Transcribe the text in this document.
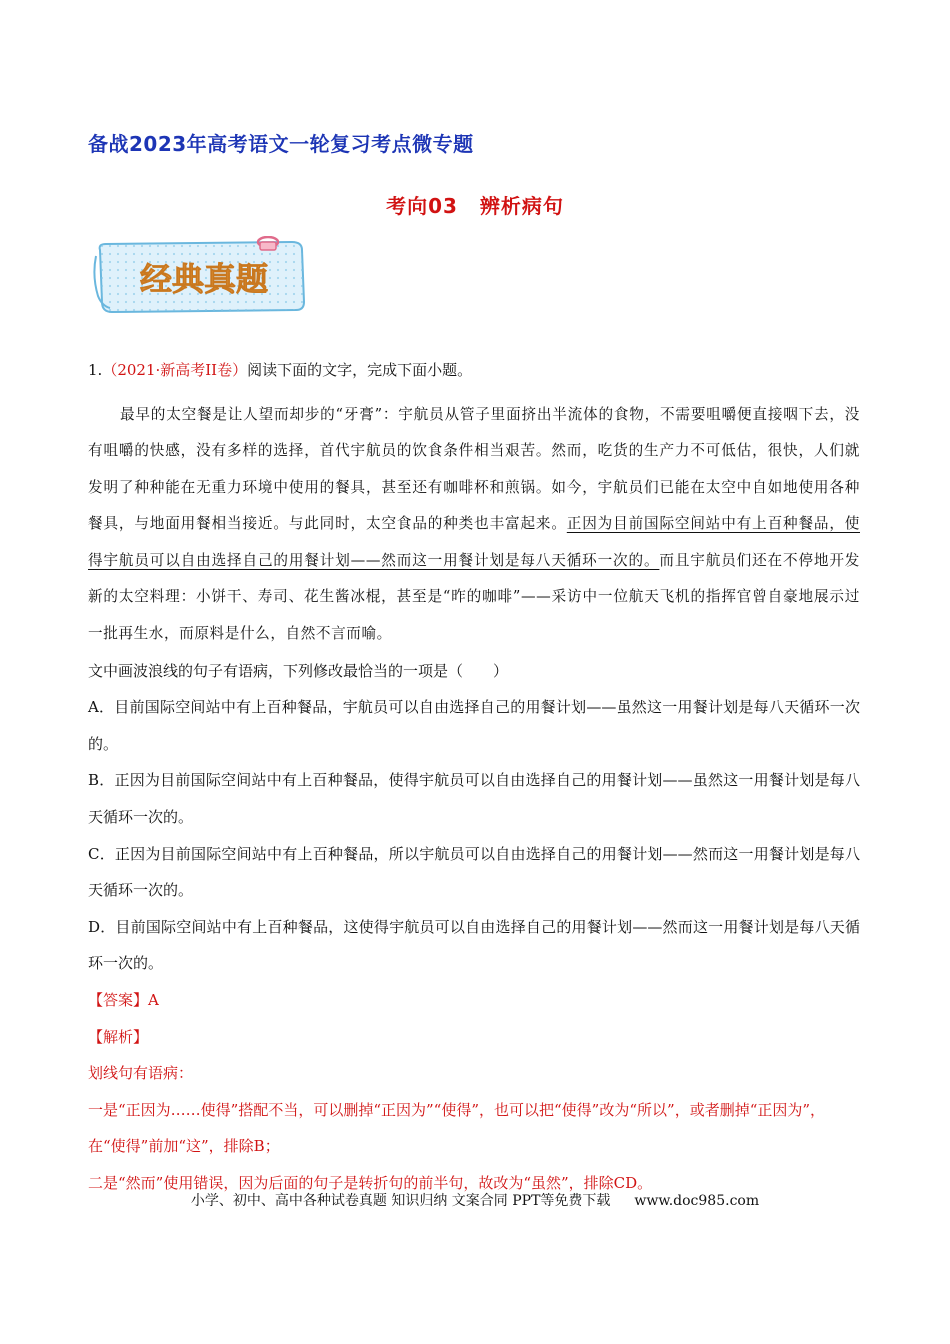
备战2023年高考语文一轮复习考点微专题
考向03 辨析病句
经典真题

1.（2021·新高考II卷）阅读下面的文字，完成下面小题。

最早的太空餐是让人望而却步的“牙膏”：宇航员从管子里面挤出半流体的食物，不需要咀嚼便直接咽下去，没有咀嚼的快感，没有多样的选择，首代宇航员的饮食条件相当艰苦。然而，吃货的生产力不可低估，很快，人们就发明了种种能在无重力环境中使用的餐具，甚至还有咖啡杯和煎锅。如今，宇航员们已能在太空中自如地使用各种餐具，与地面用餐相当接近。与此同时，太空食品的种类也丰富起来。正因为目前国际空间站中有上百种餐品，使得宇航员可以自由选择自己的用餐计划——然而这一用餐计划是每八天循环一次的。而且宇航员们还在不停地开发新的太空料理：小饼干、寿司、花生酱冰棍，甚至是“昨的咖啡”——采访中一位航天飞机的指挥官曾自豪地展示过一批再生水，而原料是什么，自然不言而喻。

文中画波浪线的句子有语病，下列修改最恰当的一项是（　　）

A．目前国际空间站中有上百种餐品，宇航员可以自由选择自己的用餐计划——虽然这一用餐计划是每八天循环一次的。

B．正因为目前国际空间站中有上百种餐品，使得宇航员可以自由选择自己的用餐计划——虽然这一用餐计划是每八天循环一次的。

C．正因为目前国际空间站中有上百种餐品，所以宇航员可以自由选择自己的用餐计划——然而这一用餐计划是每八天循环一次的。

D．目前国际空间站中有上百种餐品，这使得宇航员可以自由选择自己的用餐计划——然而这一用餐计划是每八天循环一次的。

【答案】A

【解析】

划线句有语病：

一是“正因为……使得”搭配不当，可以删掉“正因为”“使得”，也可以把“使得”改为“所以”，或者删掉“正因为”，在“使得”前加“这”，排除B；

二是“然而”使用错误，因为后面的句子是转折句的前半句，故改为“虽然”，排除CD。

小学、初中、高中各种试卷真题 知识归纳 文案合同 PPT等免费下载 www.doc985.com
